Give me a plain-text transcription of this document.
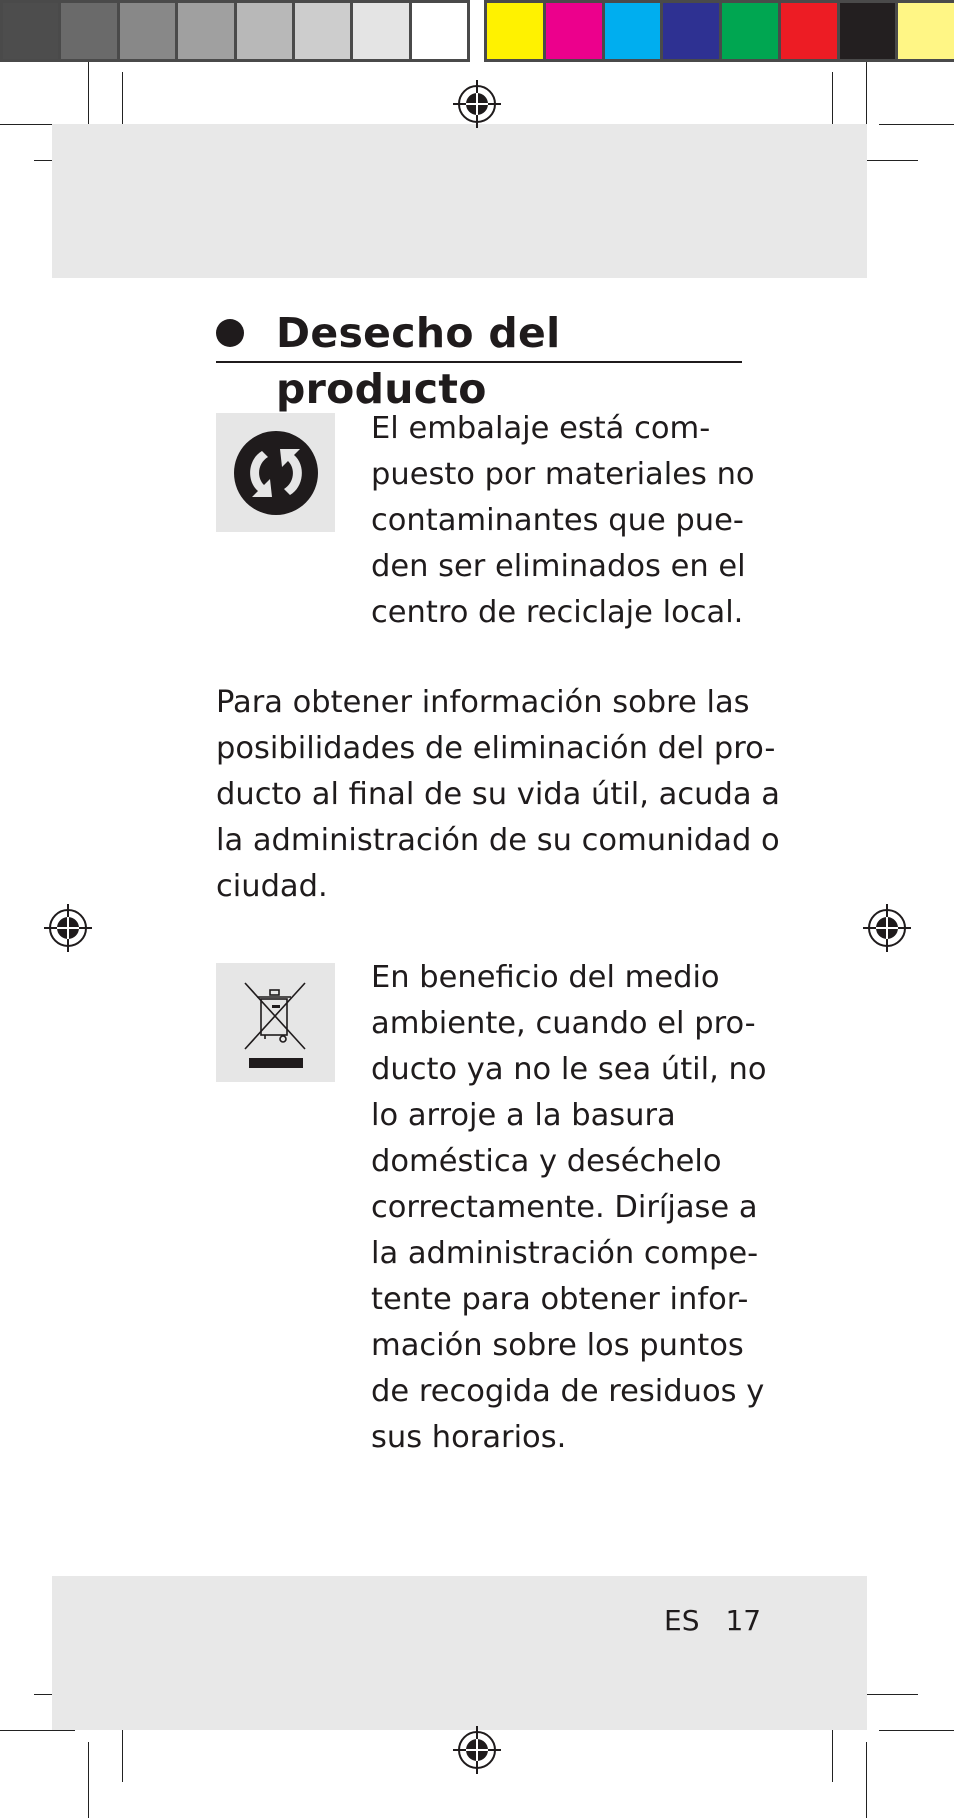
Desecho del producto
El embalaje está com-
puesto por materiales no
contaminantes que pue-
den ser eliminados en el
centro de reciclaje local.
Para obtener información sobre las
posibilidades de eliminación del pro-
ducto al final de su vida útil, acuda a
la administración de su comunidad o
ciudad.
En beneficio del medio
ambiente, cuando el pro-
ducto ya no le sea útil, no
lo arroje a la basura
doméstica y deséchelo
correctamente. Diríjase a
la administración compe-
tente para obtener infor-
mación sobre los puntos
de recogida de residuos y
sus horarios.
ES 17
